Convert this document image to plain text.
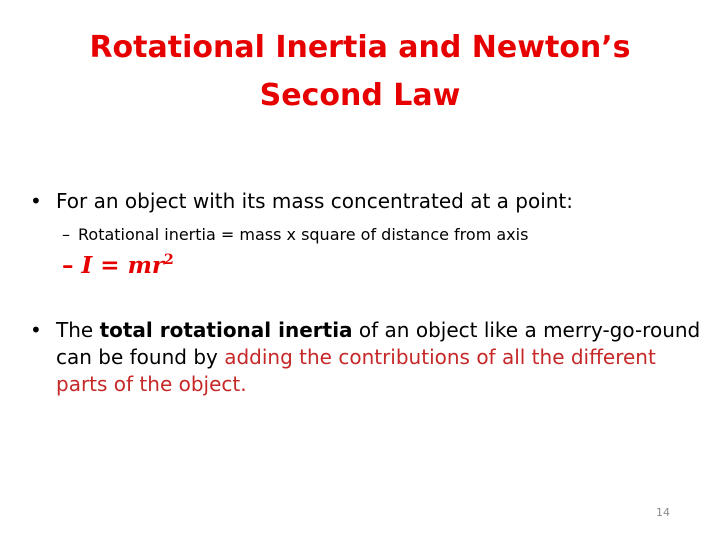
Rotational Inertia and Newton’s
Second Law
• For an object with its mass concentrated at a point:
– Rotational inertia = mass x square of distance from axis
– $I = mr^2$
• The total rotational inertia of an object like a merry-go-round can be found by adding the contributions of all the different parts of the object.
14
